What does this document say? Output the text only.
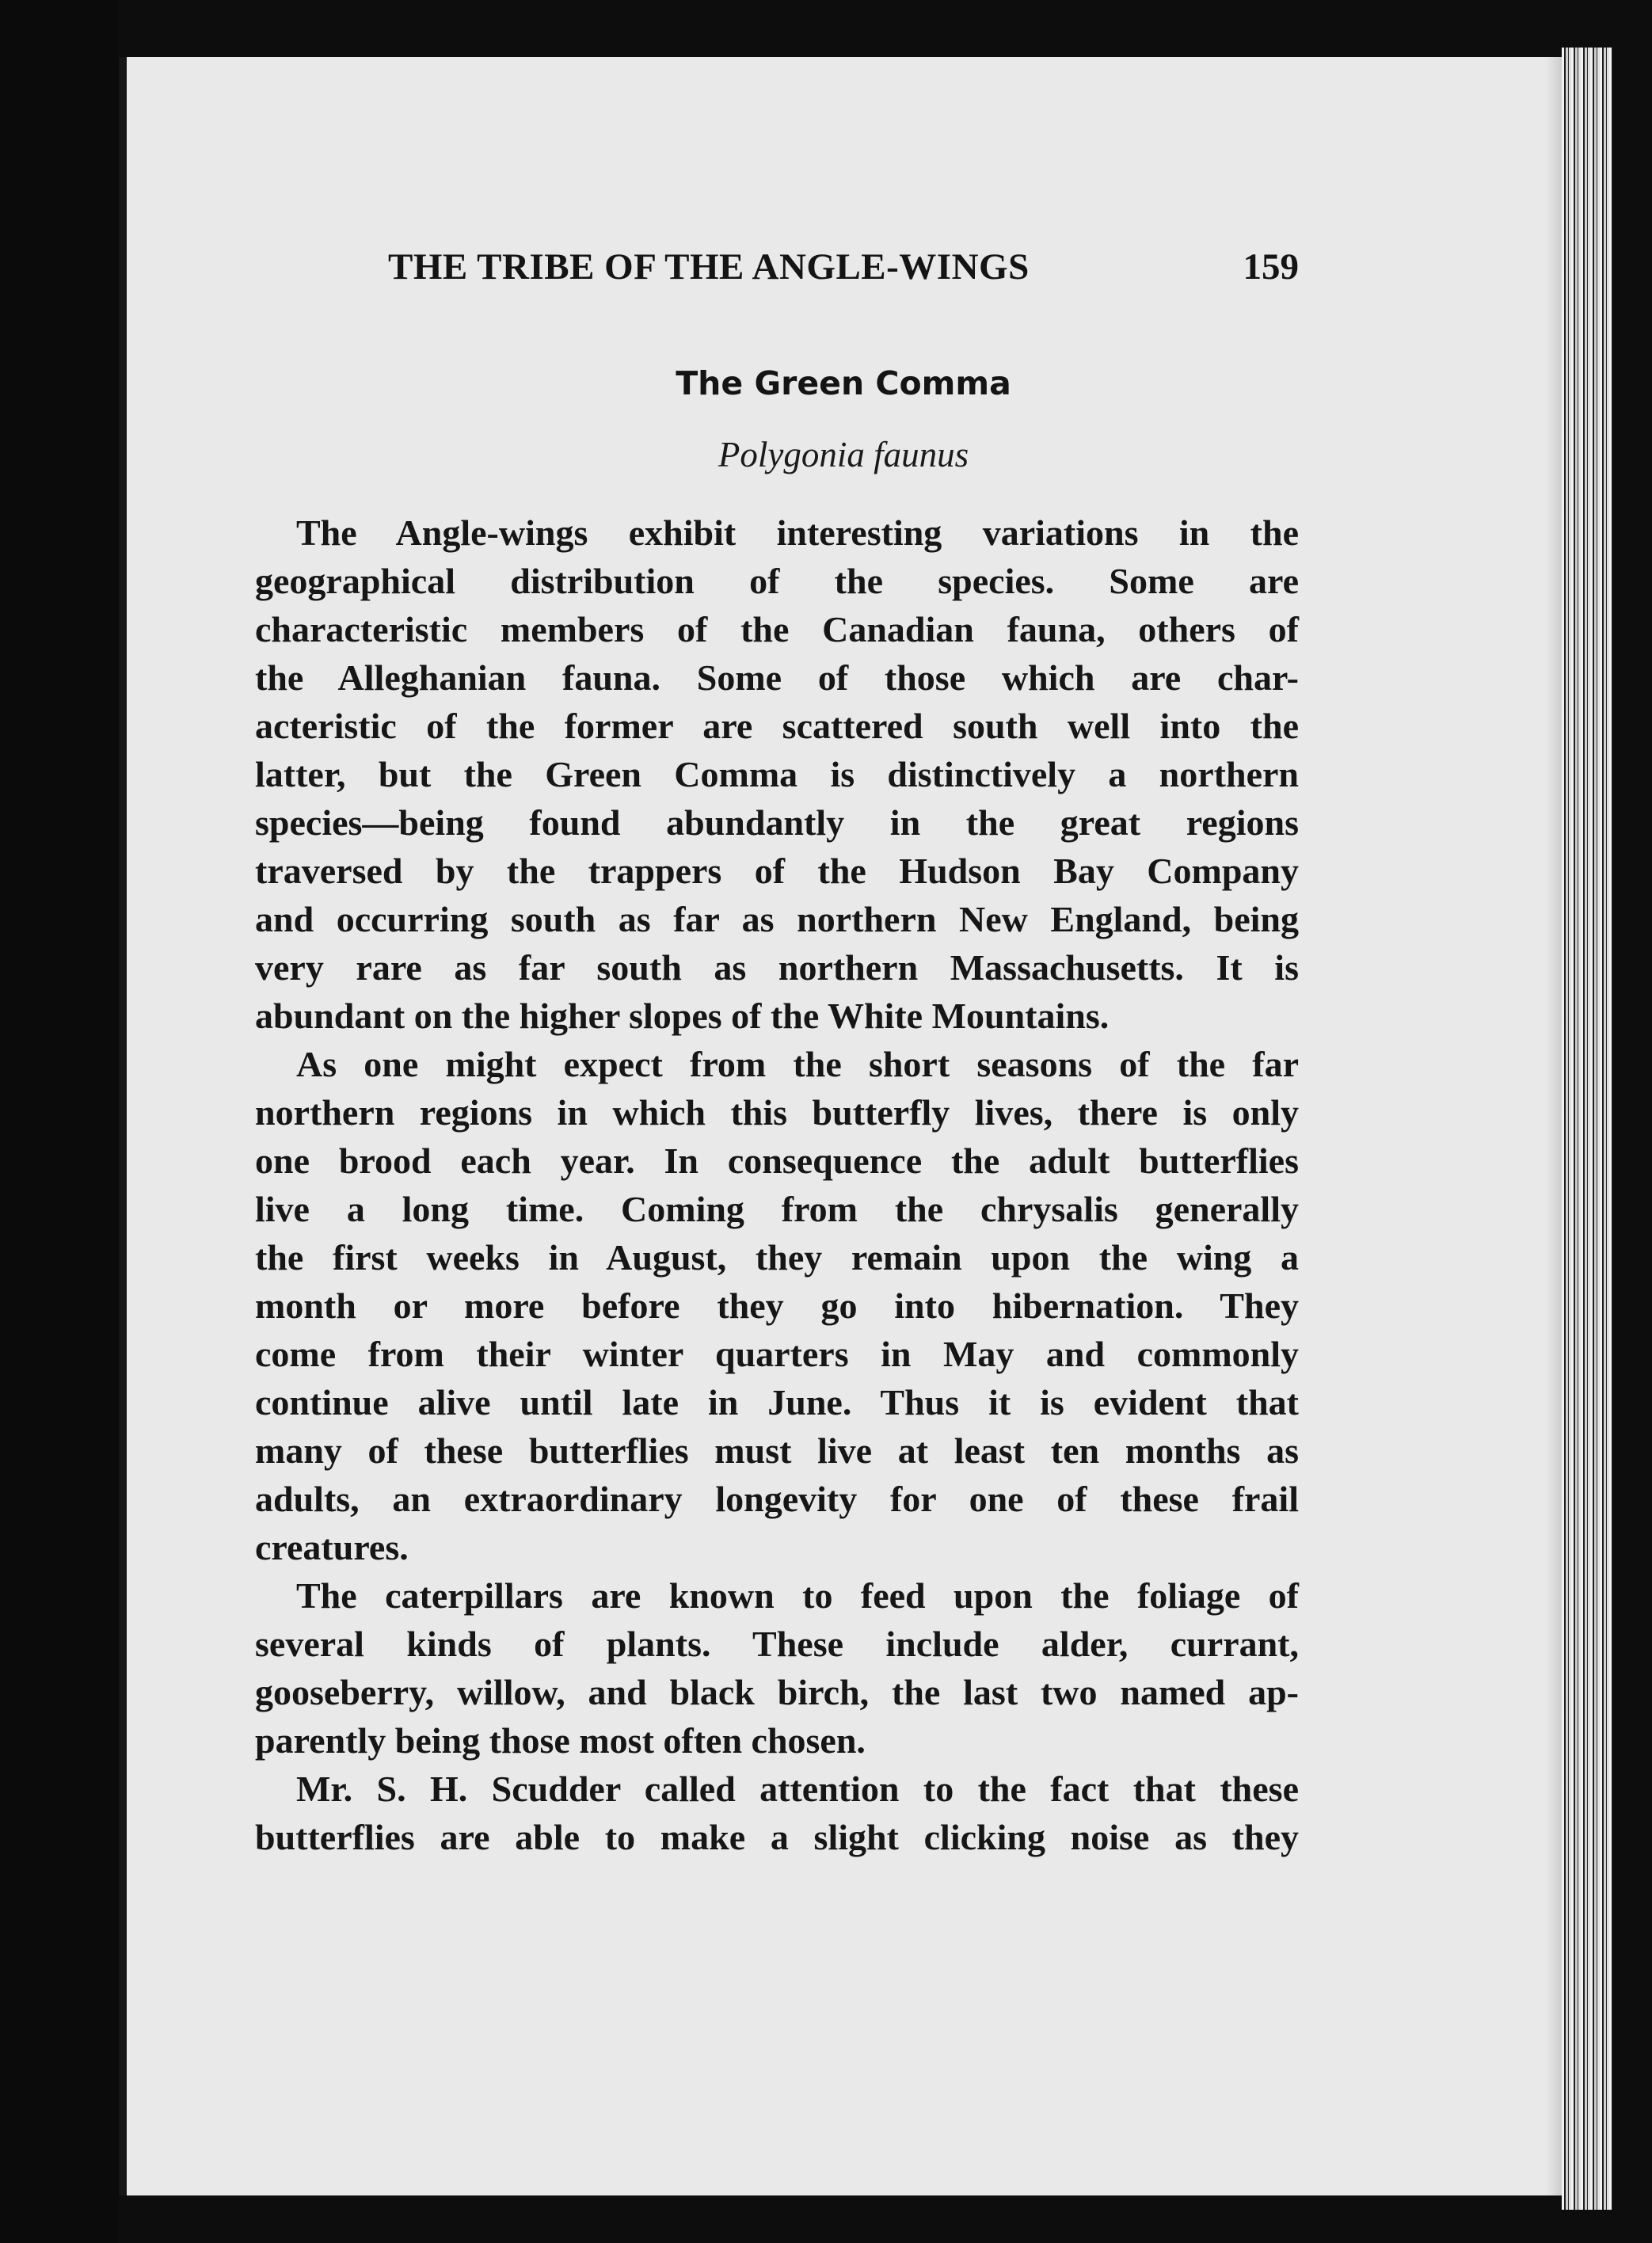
THE TRIBE OF THE ANGLE-WINGS	159
The Green Comma
Polygonia faunus
The Angle-wings exhibit interesting variations in the
geographical distribution of the species. Some are
characteristic members of the Canadian fauna, others of
the Alleghanian fauna. Some of those which are char-
acteristic of the former are scattered south well into the
latter, but the Green Comma is distinctively a northern
species—being found abundantly in the great regions
traversed by the trappers of the Hudson Bay Company
and occurring south as far as northern New England, being
very rare as far south as northern Massachusetts. It is
abundant on the higher slopes of the White Mountains.
As one might expect from the short seasons of the far
northern regions in which this butterfly lives, there is only
one brood each year. In consequence the adult butterflies
live a long time. Coming from the chrysalis generally
the first weeks in August, they remain upon the wing a
month or more before they go into hibernation. They
come from their winter quarters in May and commonly
continue alive until late in June. Thus it is evident that
many of these butterflies must live at least ten months as
adults, an extraordinary longevity for one of these frail
creatures.
The caterpillars are known to feed upon the foliage of
several kinds of plants. These include alder, currant,
gooseberry, willow, and black birch, the last two named ap-
parently being those most often chosen.
Mr. S. H. Scudder called attention to the fact that these
butterflies are able to make a slight clicking noise as they
